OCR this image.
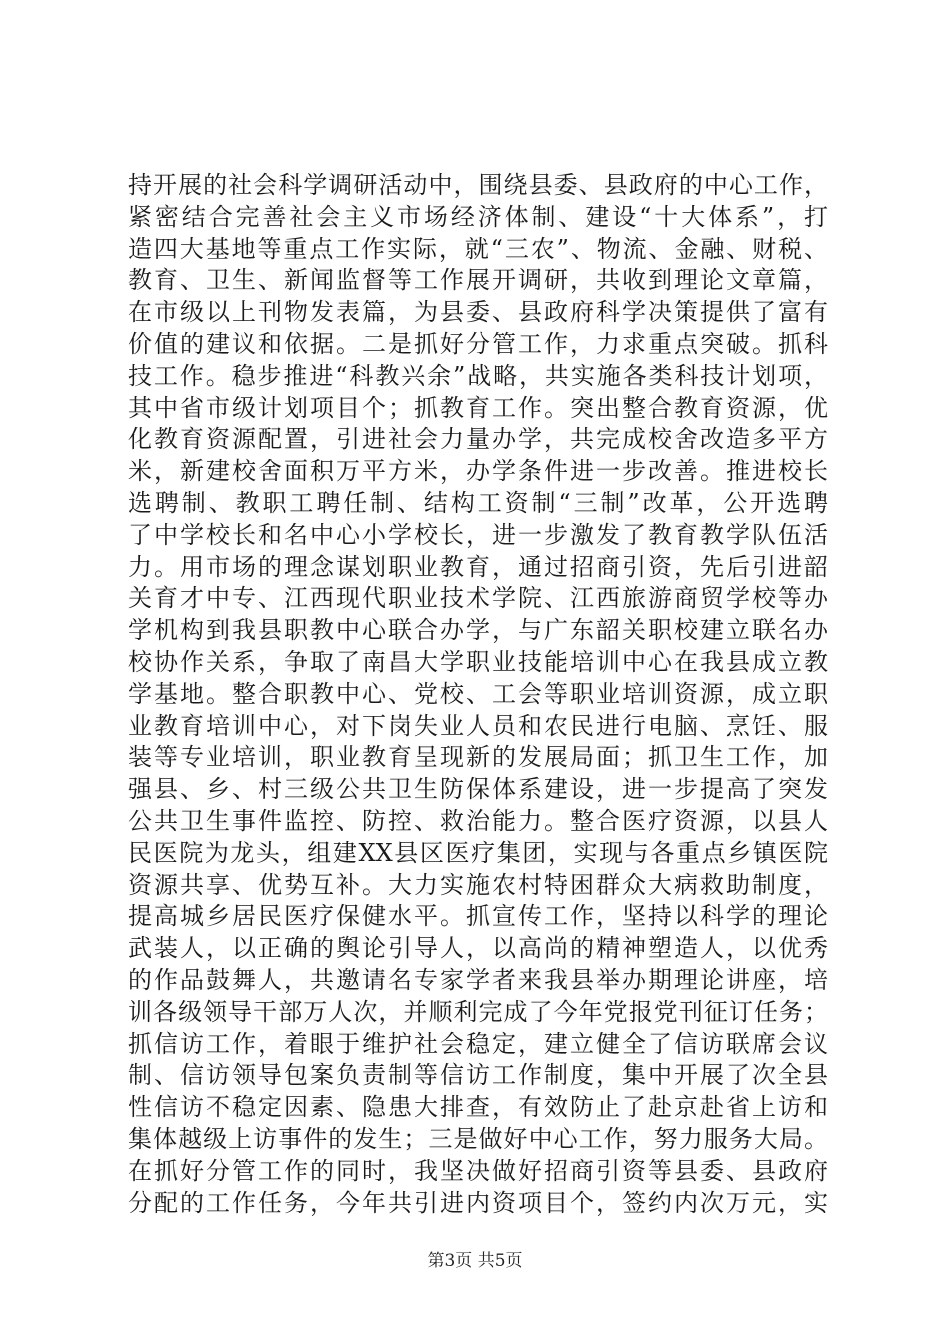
持开展的社会科学调研活动中，围绕县委、县政府的中心工作，
紧密结合完善社会主义市场经济体制、建设“十大体系”，打
造四大基地等重点工作实际，就“三农”、物流、金融、财税、
教育、卫生、新闻监督等工作展开调研，共收到理论文章篇，
在市级以上刊物发表篇，为县委、县政府科学决策提供了富有
价值的建议和依据。二是抓好分管工作，力求重点突破。抓科
技工作。稳步推进“科教兴余”战略，共实施各类科技计划项，
其中省市级计划项目个；抓教育工作。突出整合教育资源，优
化教育资源配置，引进社会力量办学，共完成校舍改造多平方
米，新建校舍面积万平方米，办学条件进一步改善。推进校长
选聘制、教职工聘任制、结构工资制“三制”改革，公开选聘
了中学校长和名中心小学校长，进一步激发了教育教学队伍活
力。用市场的理念谋划职业教育，通过招商引资，先后引进韶
关育才中专、江西现代职业技术学院、江西旅游商贸学校等办
学机构到我县职教中心联合办学，与广东韶关职校建立联名办
校协作关系，争取了南昌大学职业技能培训中心在我县成立教
学基地。整合职教中心、党校、工会等职业培训资源，成立职
业教育培训中心，对下岗失业人员和农民进行电脑、烹饪、服
装等专业培训，职业教育呈现新的发展局面；抓卫生工作，加
强县、乡、村三级公共卫生防保体系建设，进一步提高了突发
公共卫生事件监控、防控、救治能力。整合医疗资源，以县人
民医院为龙头，组建XX县区医疗集团，实现与各重点乡镇医院
资源共享、优势互补。大力实施农村特困群众大病救助制度，
提高城乡居民医疗保健水平。抓宣传工作，坚持以科学的理论
武装人，以正确的舆论引导人，以高尚的精神塑造人，以优秀
的作品鼓舞人，共邀请名专家学者来我县举办期理论讲座，培
训各级领导干部万人次，并顺利完成了今年党报党刊征订任务；
抓信访工作，着眼于维护社会稳定，建立健全了信访联席会议
制、信访领导包案负责制等信访工作制度，集中开展了次全县
性信访不稳定因素、隐患大排查，有效防止了赴京赴省上访和
集体越级上访事件的发生；三是做好中心工作，努力服务大局。
在抓好分管工作的同时，我坚决做好招商引资等县委、县政府
分配的工作任务，今年共引进内资项目个，签约内次万元，实
第3页 共5页
